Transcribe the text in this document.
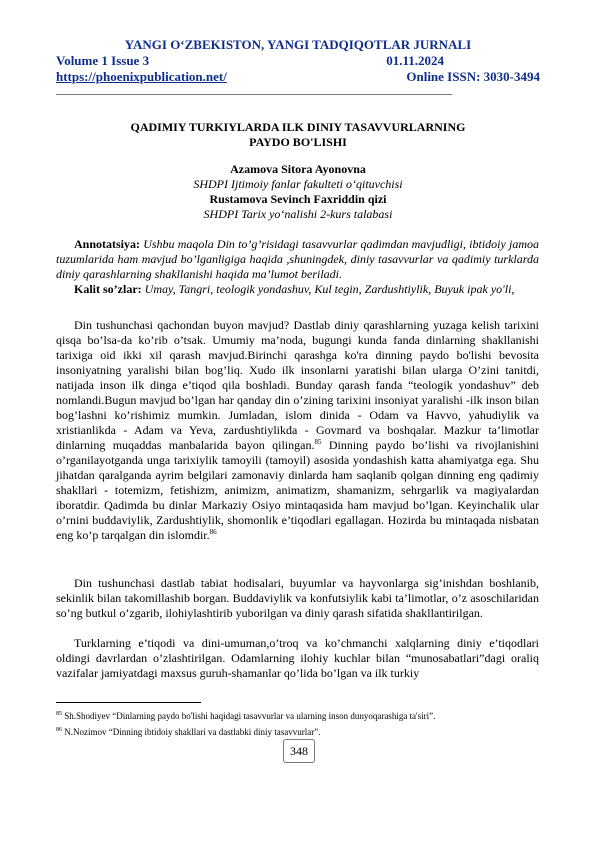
YANGI O‘ZBEKISTON, YANGI TADQIQOTLAR JURNALI
Volume 1 Issue 3	01.11.2024
https://phoenixpublication.net/	Online ISSN: 3030-3494
________________________________________________________________________
QADIMIY TURKIYLARDA ILK DINIY TASAVVURLARNING
PAYDO BO'LISHI
Azamova Sitora Ayonovna
SHDPI Ijtimoiy fanlar fakulteti o‘qituvchisi
Rustamova Sevinch Faxriddin qizi
SHDPI Tarix yo‘nalishi 2-kurs talabasi

Annotatsiya: Ushbu maqola Din to’g’risidagi tasavvurlar qadimdan mavjudligi, ibtidoiy jamoa tuzumlarida ham mavjud bo’lganligiga haqida ,shuningdek, diniy tasavvurlar va qadimiy turklarda diniy qarashlarning shakllanishi haqida ma’lumot beriladi.

Kalit so’zlar: Umay, Tangri, teologik yondashuv, Kul tegin, Zardushtiylik, Buyuk ipak yo'li,

Din tushunchasi qachondan buyon mavjud? Dastlab diniy qarashlarning yuzaga kelish tarixini qisqa bo’lsa-da ko’rib o’tsak. Umumiy ma’noda, bugungi kunda fanda dinlarning shakllanishi tarixiga oid ikki xil qarash mavjud.Birinchi qarashga ko'ra dinning paydo bo'lishi bevosita insoniyatning yaralishi bilan bog’liq. Xudo ilk insonlarni yaratishi bilan ularga O’zini tanitdi, natijada inson ilk dinga e’tiqod qila boshladi. Bunday qarash fanda “teologik yondashuv” deb nomlandi.Bugun mavjud bo’lgan har qanday din o’zining tarixini insoniyat yaralishi -ilk inson bilan bog’lashni ko’rishimiz mumkin. Jumladan, islom dinida - Odam va Havvo, yahudiylik va xristianlikda - Adam va Yeva, zardushtiylikda - Govmard va boshqalar. Mazkur ta’limotlar dinlarning muqaddas manbalarida bayon qilingan.$^{85}$ Dinning paydo bo’lishi va rivojlanishini o’rganilayotganda unga tarixiylik tamoyili (tamoyil) asosida yondashish katta ahamiyatga ega. Shu jihatdan qaralganda ayrim belgilari zamonaviy dinlarda ham saqlanib qolgan dinning eng qadimiy shakllari - totemizm, fetishizm, animizm, animatizm, shamanizm, sehrgarlik va magiyalardan iboratdir. Qadimda bu dinlar Markaziy Osiyo mintaqasida ham mavjud bo’lgan. Keyinchalik ular o’rnini buddaviylik, Zardushtiylik, shomonlik e’tiqodlari egallagan. Hozirda bu mintaqada nisbatan eng ko’p tarqalgan din islomdir.$^{86}$

Din tushunchasi dastlab tabiat hodisalari, buyumlar va hayvonlarga sig’inishdan boshlanib, sekinlik bilan takomillashib borgan. Buddaviylik va konfutsiylik kabi ta’limotlar, o’z asoschilaridan so’ng butkul o’zgarib, ilohiylashtirib yuborilgan va diniy qarash sifatida shakllantirilgan.

Turklarning e’tiqodi va dini-umuman,o’troq va ko’chmanchi xalqlarning diniy e’tiqodlari oldingi davrlardan o’zlashtirilgan. Odamlarning ilohiy kuchlar bilan “munosabatlari”dagi oraliq vazifalar jamiyatdagi maxsus guruh-shamanlar qo’lida bo’lgan va ilk turkiy

$^{85}$ Sh.Shodiyev “Dinlarning paydo bo'lishi haqidagi tasavvurlar va ularning inson dunyoqarashiga ta'siri”.
$^{86}$ N.Nozimov “Dinning ibtidoiy shakllari va dastlabki diniy tasavvurlar”.
348
